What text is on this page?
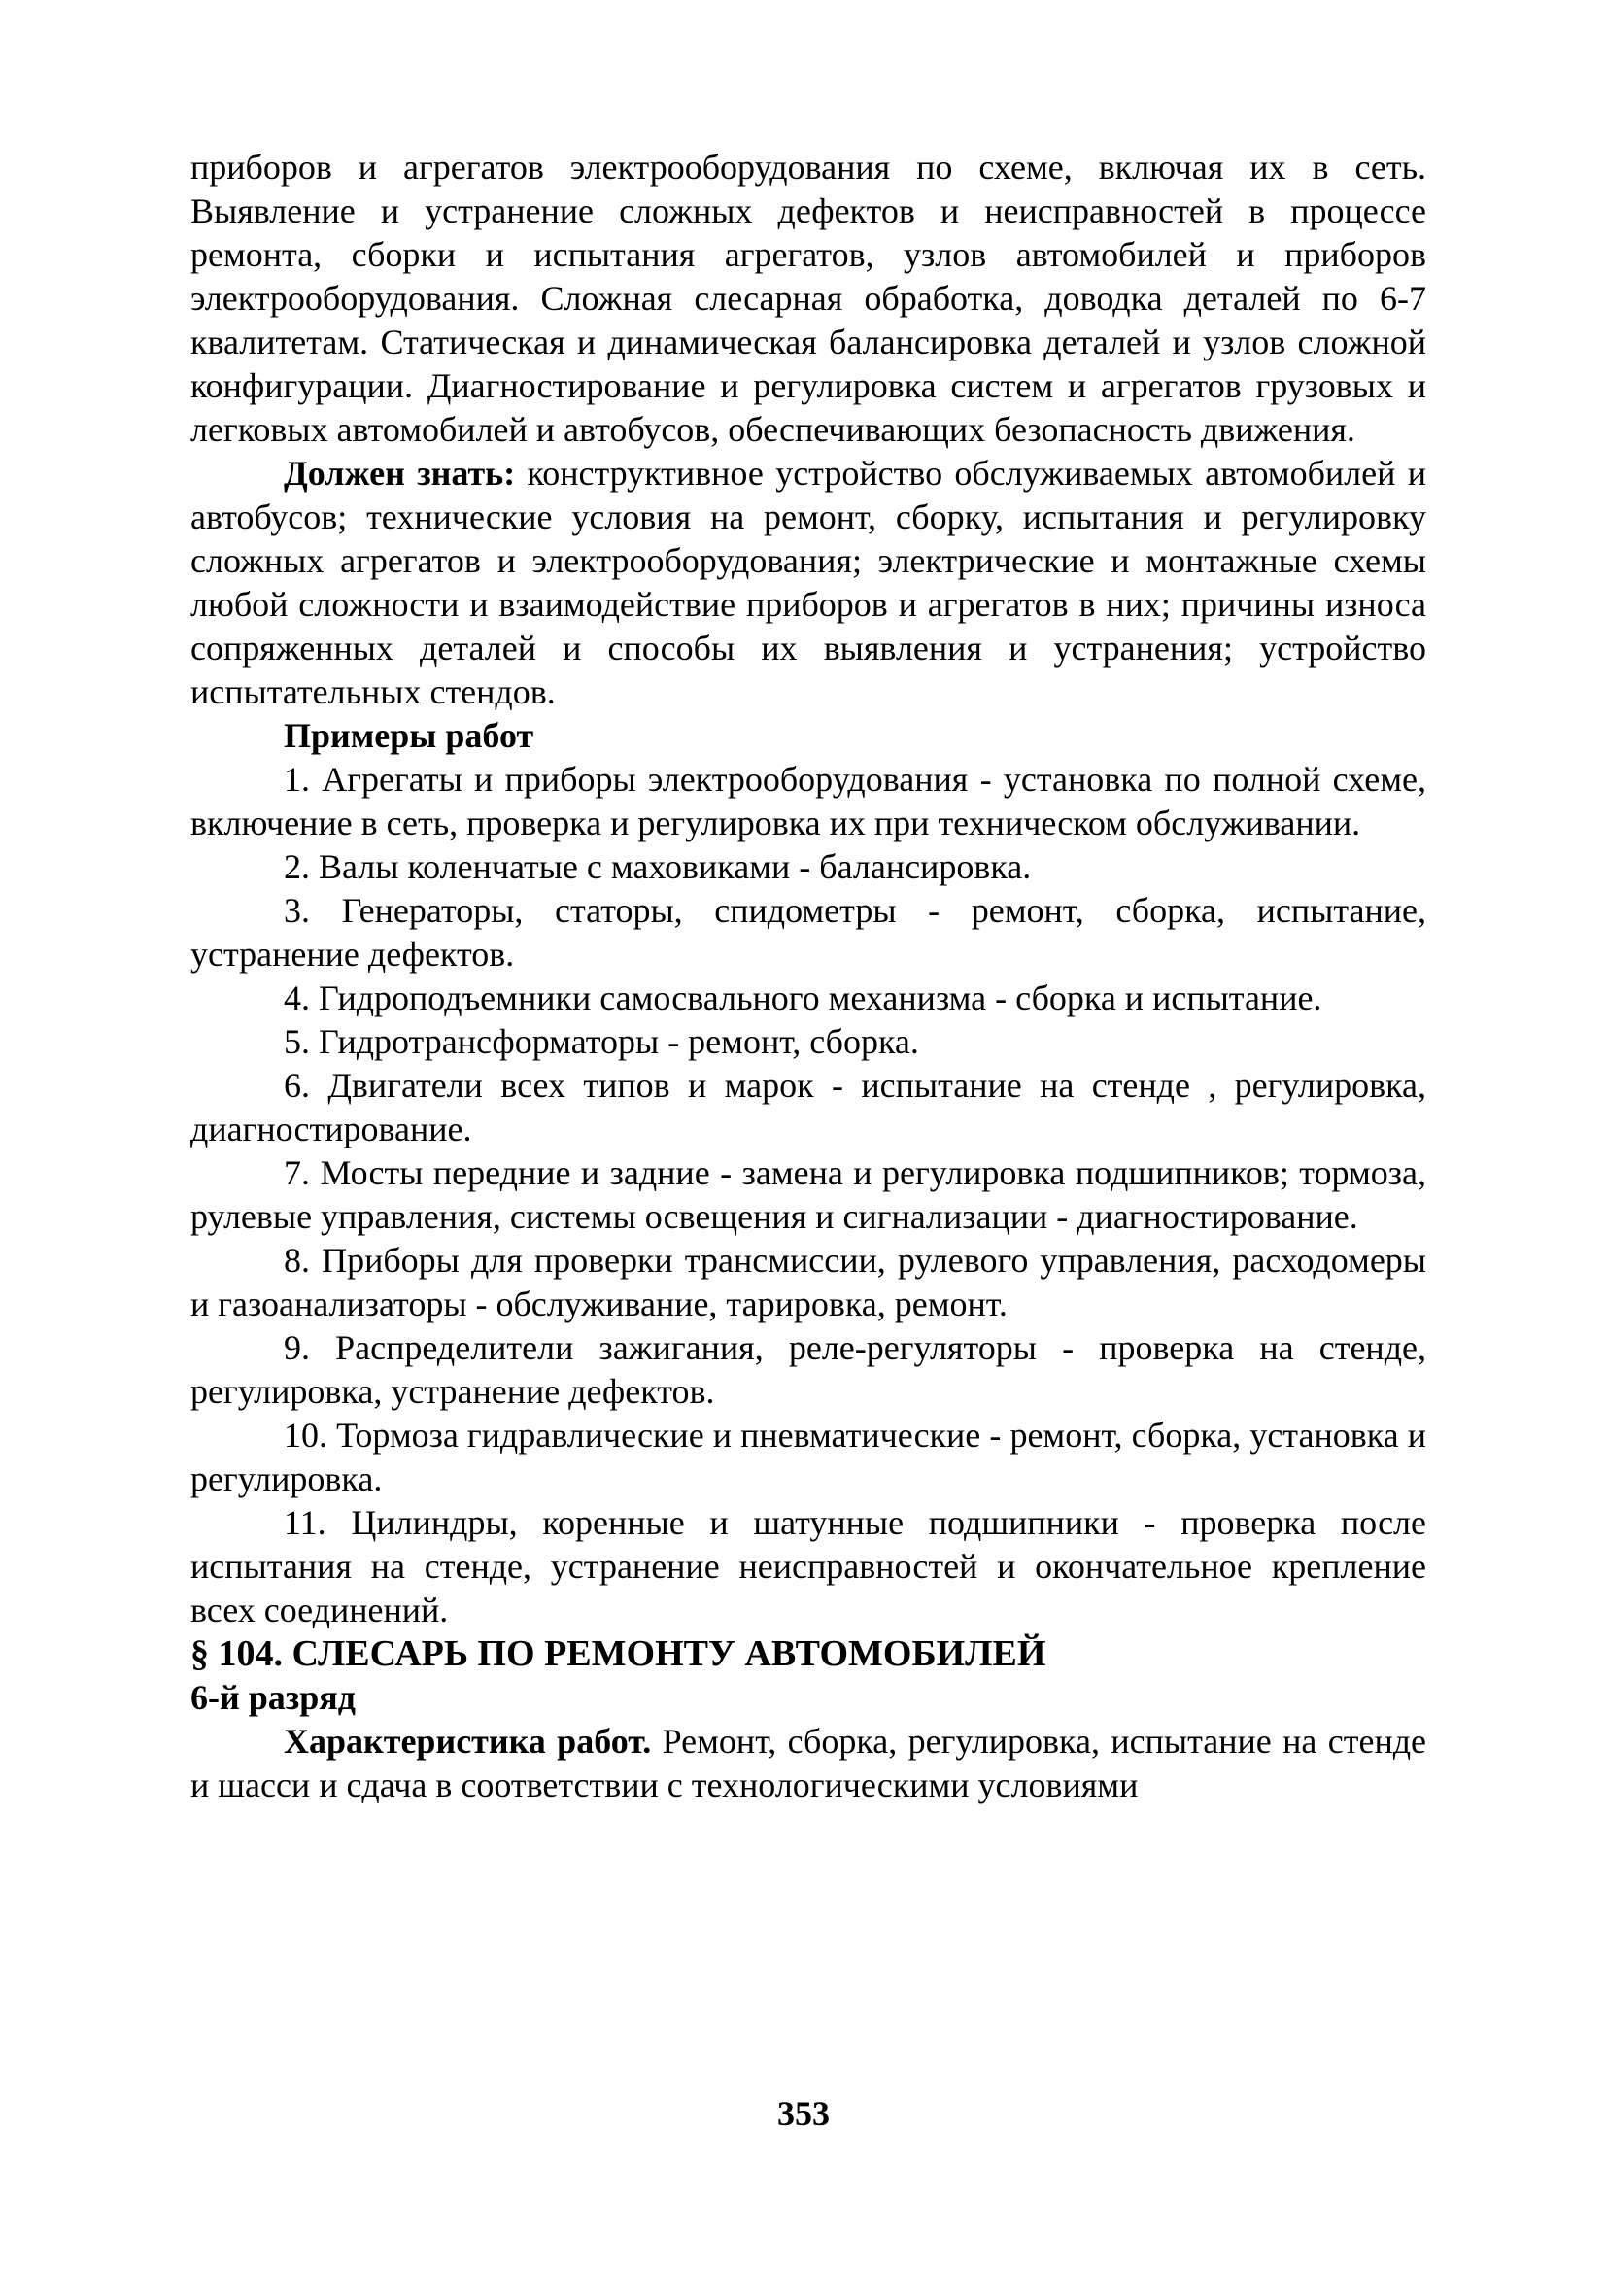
приборов и агрегатов электрооборудования по схеме, включая их в сеть. Выявление и устранение сложных дефектов и неисправностей в процессе ремонта, сборки и испытания агрегатов, узлов автомобилей и приборов электрооборудования. Сложная слесарная обработка, доводка деталей по 6-7 квалитетам. Статическая и динамическая балансировка деталей и узлов сложной конфигурации. Диагностирование и регулировка систем и агрегатов грузовых и легковых автомобилей и автобусов, обеспечивающих безопасность движения.

Должен знать: конструктивное устройство обслуживаемых автомобилей и автобусов; технические условия на ремонт, сборку, испытания и регулировку сложных агрегатов и электрооборудования; электрические и монтажные схемы любой сложности и взаимодействие приборов и агрегатов в них; причины износа сопряженных деталей и способы их выявления и устранения; устройство испытательных стендов.

Примеры работ

1. Агрегаты и приборы электрооборудования - установка по полной схеме, включение в сеть, проверка и регулировка их при техническом обслуживании.

2. Валы коленчатые с маховиками - балансировка.

3. Генераторы, статоры, спидометры - ремонт, сборка, испытание, устранение дефектов.

4. Гидроподъемники самосвального механизма - сборка и испытание.

5. Гидротрансформаторы - ремонт, сборка.

6. Двигатели всех типов и марок - испытание на стенде , регулировка, диагностирование.

7. Мосты передние и задние - замена и регулировка подшипников; тормоза, рулевые управления, системы освещения и сигнализации - диагностирование.

8. Приборы для проверки трансмиссии, рулевого управления, расходомеры и газоанализаторы - обслуживание, тарировка, ремонт.

9. Распределители зажигания, реле-регуляторы - проверка на стенде, регулировка, устранение дефектов.

10. Тормоза гидравлические и пневматические - ремонт, сборка, установка и регулировка.

11. Цилиндры, коренные и шатунные подшипники - проверка после испытания на стенде, устранение неисправностей и окончательное крепление всех соединений.

§ 104. СЛЕСАРЬ ПО РЕМОНТУ АВТОМОБИЛЕЙ

6-й разряд

Характеристика работ. Ремонт, сборка, регулировка, испытание на стенде и шасси и сдача в соответствии с технологическими условиями

353
